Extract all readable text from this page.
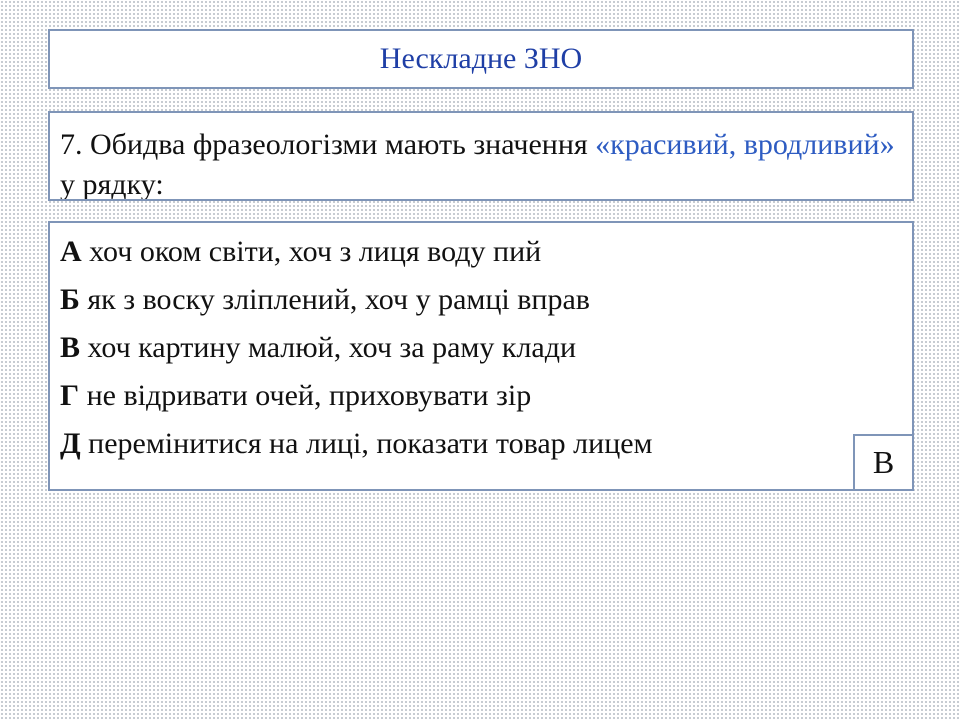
Нескладне ЗНО
7. Обидва фразеологізми мають значення «красивий, вродливий» у рядку:
А хоч оком світи, хоч з лиця воду пий
Б як з воску зліплений, хоч у рамці вправ
В хоч картину малюй, хоч за раму клади
Г не відривати очей, приховувати зір
Д перемінитися на лиці, показати товар лицем
В
